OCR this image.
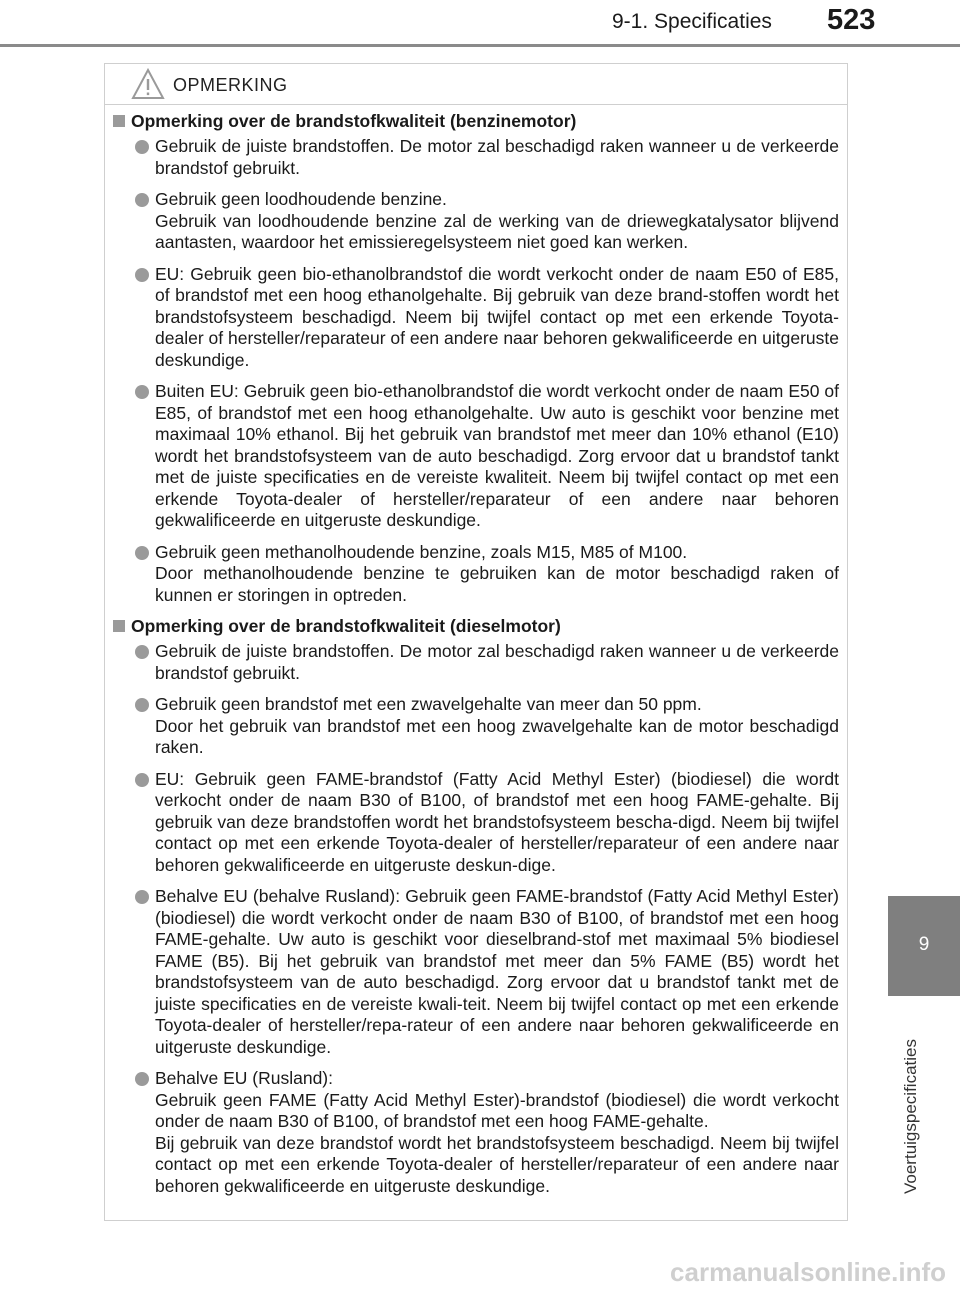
9-1. Specificaties 523
9
Voertuigspecificaties
OPMERKING
Opmerking over de brandstofkwaliteit (benzinemotor)

Gebruik de juiste brandstoffen. De motor zal beschadigd raken wanneer u de verkeerde brandstof gebruikt.

Gebruik geen loodhoudende benzine.

Gebruik van loodhoudende benzine zal de werking van de driewegkatalysator blijvend aantasten, waardoor het emissieregelsysteem niet goed kan werken.

EU: Gebruik geen bio-ethanolbrandstof die wordt verkocht onder de naam E50 of E85, of brandstof met een hoog ethanolgehalte. Bij gebruik van deze brand-stoffen wordt het brandstofsysteem beschadigd. Neem bij twijfel contact op met een erkende Toyota-dealer of hersteller/reparateur of een andere naar behoren gekwalificeerde en uitgeruste deskundige.

Buiten EU: Gebruik geen bio-ethanolbrandstof die wordt verkocht onder de naam E50 of E85, of brandstof met een hoog ethanolgehalte. Uw auto is geschikt voor benzine met maximaal 10% ethanol. Bij het gebruik van brandstof met meer dan 10% ethanol (E10) wordt het brandstofsysteem van de auto beschadigd. Zorg ervoor dat u brandstof tankt met de juiste specificaties en de vereiste kwaliteit. Neem bij twijfel contact op met een erkende Toyota-dealer of hersteller/reparateur of een andere naar behoren gekwalificeerde en uitgeruste deskundige.

Gebruik geen methanolhoudende benzine, zoals M15, M85 of M100.

Door methanolhoudende benzine te gebruiken kan de motor beschadigd raken of kunnen er storingen in optreden.

Opmerking over de brandstofkwaliteit (dieselmotor)

Gebruik de juiste brandstoffen. De motor zal beschadigd raken wanneer u de verkeerde brandstof gebruikt.

Gebruik geen brandstof met een zwavelgehalte van meer dan 50 ppm.

Door het gebruik van brandstof met een hoog zwavelgehalte kan de motor beschadigd raken.

EU: Gebruik geen FAME-brandstof (Fatty Acid Methyl Ester) (biodiesel) die wordt verkocht onder de naam B30 of B100, of brandstof met een hoog FAME-gehalte. Bij gebruik van deze brandstoffen wordt het brandstofsysteem bescha-digd. Neem bij twijfel contact op met een erkende Toyota-dealer of hersteller/reparateur of een andere naar behoren gekwalificeerde en uitgeruste deskun-dige.

Behalve EU (behalve Rusland): Gebruik geen FAME-brandstof (Fatty Acid Methyl Ester) (biodiesel) die wordt verkocht onder de naam B30 of B100, of brandstof met een hoog FAME-gehalte. Uw auto is geschikt voor dieselbrand-stof met maximaal 5% biodiesel FAME (B5). Bij het gebruik van brandstof met meer dan 5% FAME (B5) wordt het brandstofsysteem van de auto beschadigd. Zorg ervoor dat u brandstof tankt met de juiste specificaties en de vereiste kwali-teit. Neem bij twijfel contact op met een erkende Toyota-dealer of hersteller/repa-rateur of een andere naar behoren gekwalificeerde en uitgeruste deskundige.

Behalve EU (Rusland):

Gebruik geen FAME (Fatty Acid Methyl Ester)-brandstof (biodiesel) die wordt verkocht onder de naam B30 of B100, of brandstof met een hoog FAME-gehalte.

Bij gebruik van deze brandstof wordt het brandstofsysteem beschadigd. Neem bij twijfel contact op met een erkende Toyota-dealer of hersteller/reparateur of een andere naar behoren gekwalificeerde en uitgeruste deskundige.

carmanualsonline.info
